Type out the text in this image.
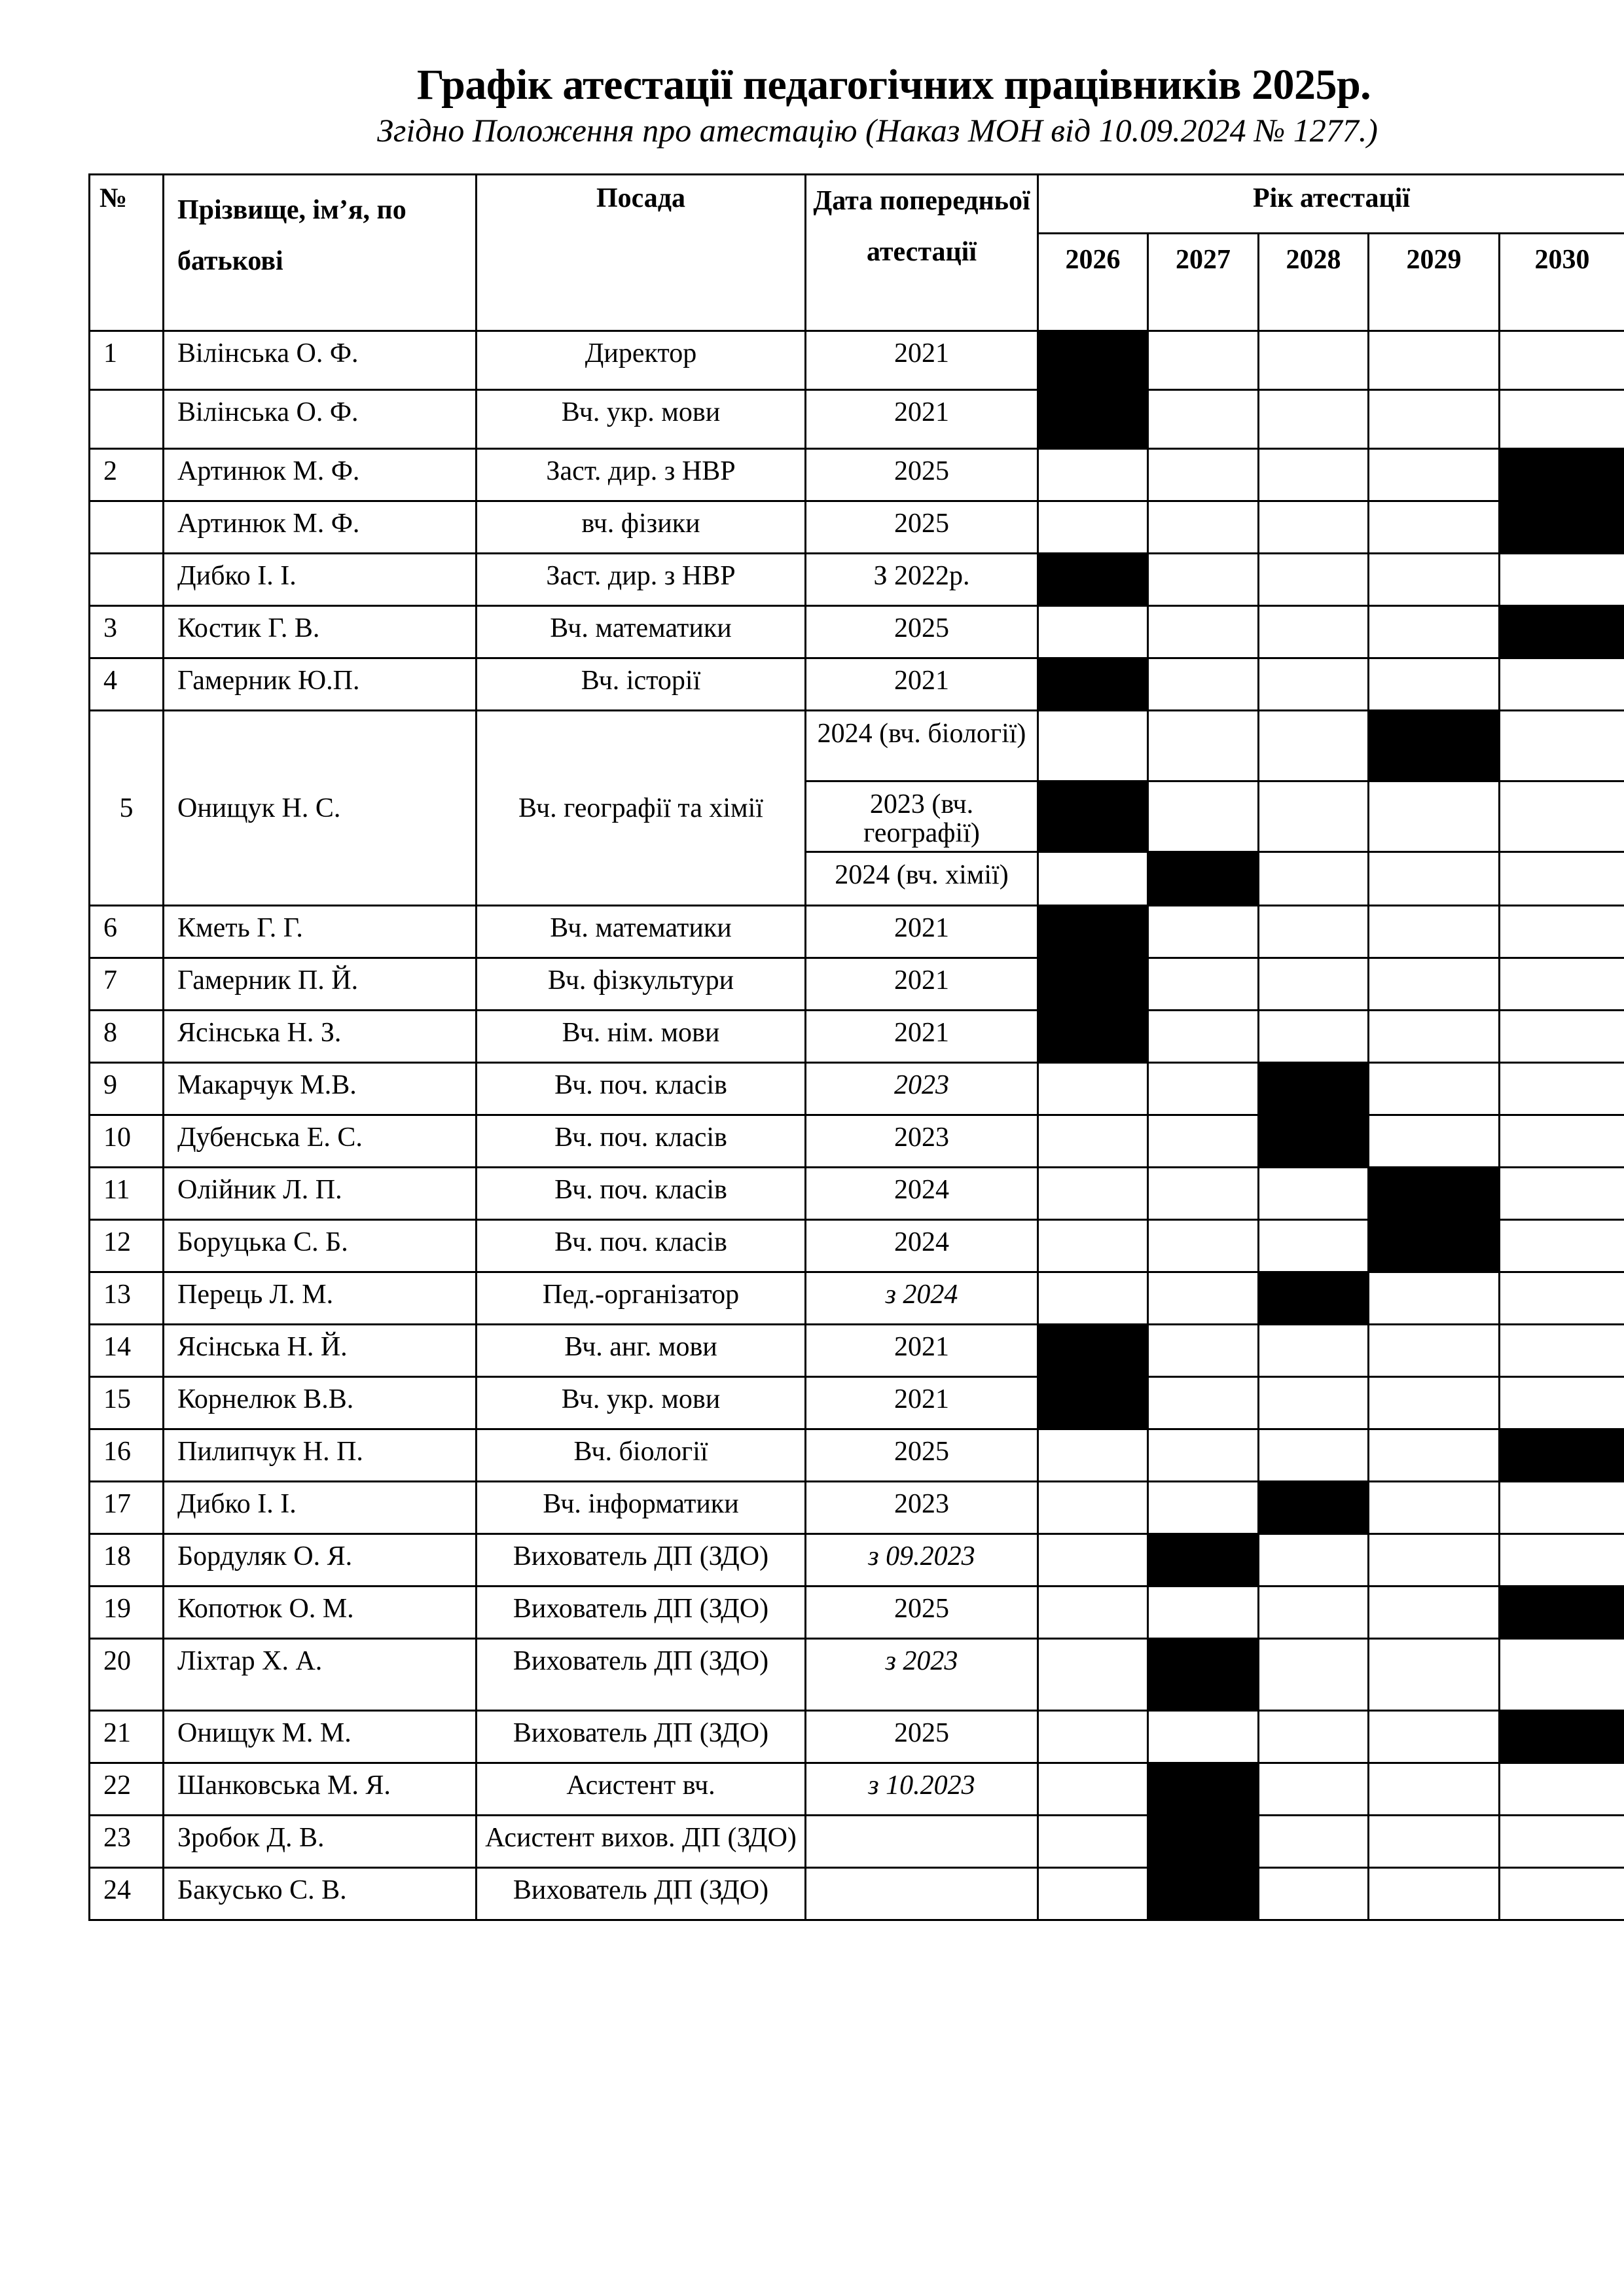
Графік атестації педагогічних працівників 2025р.
Згідно Положення про атестацію (Наказ МОН від 10.09.2024 № 1277.)
№	Прізвище, ім’я, по батькові	Посада	Дата попередньої атестації	Рік атестації				
				2026	2027	2028	2029	2030
1	Вілінська О. Ф.	Директор	2021					
	Вілінська О. Ф.	Вч. укр. мови	2021					
2	Артинюк М. Ф.	Заст. дир. з НВР	2025					
	Артинюк М. Ф.	вч. фізики	2025					
	Дибко І. І.	Заст. дир. з НВР	З 2022р.					
3	Костик Г. В.	Вч. математики	2025					
4	Гамерник Ю.П.	Вч. історії	2021					
5	Онищук Н. С.	Вч. географії та хімії	2024 (вч. біології)					
			2023 (вч. географії)					
			2024 (вч. хімії)					
6	Кметь Г. Г.	Вч. математики	2021					
7	Гамерник П. Й.	Вч. фізкультури	2021					
8	Ясінська Н. З.	Вч. нім. мови	2021					
9	Макарчук М.В.	Вч. поч. класів	2023					
10	Дубенська Е. С.	Вч. поч. класів	2023					
11	Олійник Л. П.	Вч. поч. класів	2024					
12	Боруцька С. Б.	Вч. поч. класів	2024					
13	Перець Л. М.	Пед.-організатор	з 2024					
14	Ясінська Н. Й.	Вч. анг. мови	2021					
15	Корнелюк В.В.	Вч. укр. мови	2021					
16	Пилипчук Н. П.	Вч. біології	2025					
17	Дибко І. І.	Вч. інформатики	2023					
18	Бордуляк О. Я.	Вихователь ДП (ЗДО)	з 09.2023					
19	Копотюк О. М.	Вихователь ДП (ЗДО)	2025					
20	Ліхтар Х. А.	Вихователь ДП (ЗДО)	з 2023					
21	Онищук М. М.	Вихователь ДП (ЗДО)	2025					
22	Шанковська М. Я.	Асистент вч.	з 10.2023					
23	Зробок Д. В.	Асистент вихов. ДП (ЗДО)						
24	Бакусько С. В.	Вихователь ДП (ЗДО)						
